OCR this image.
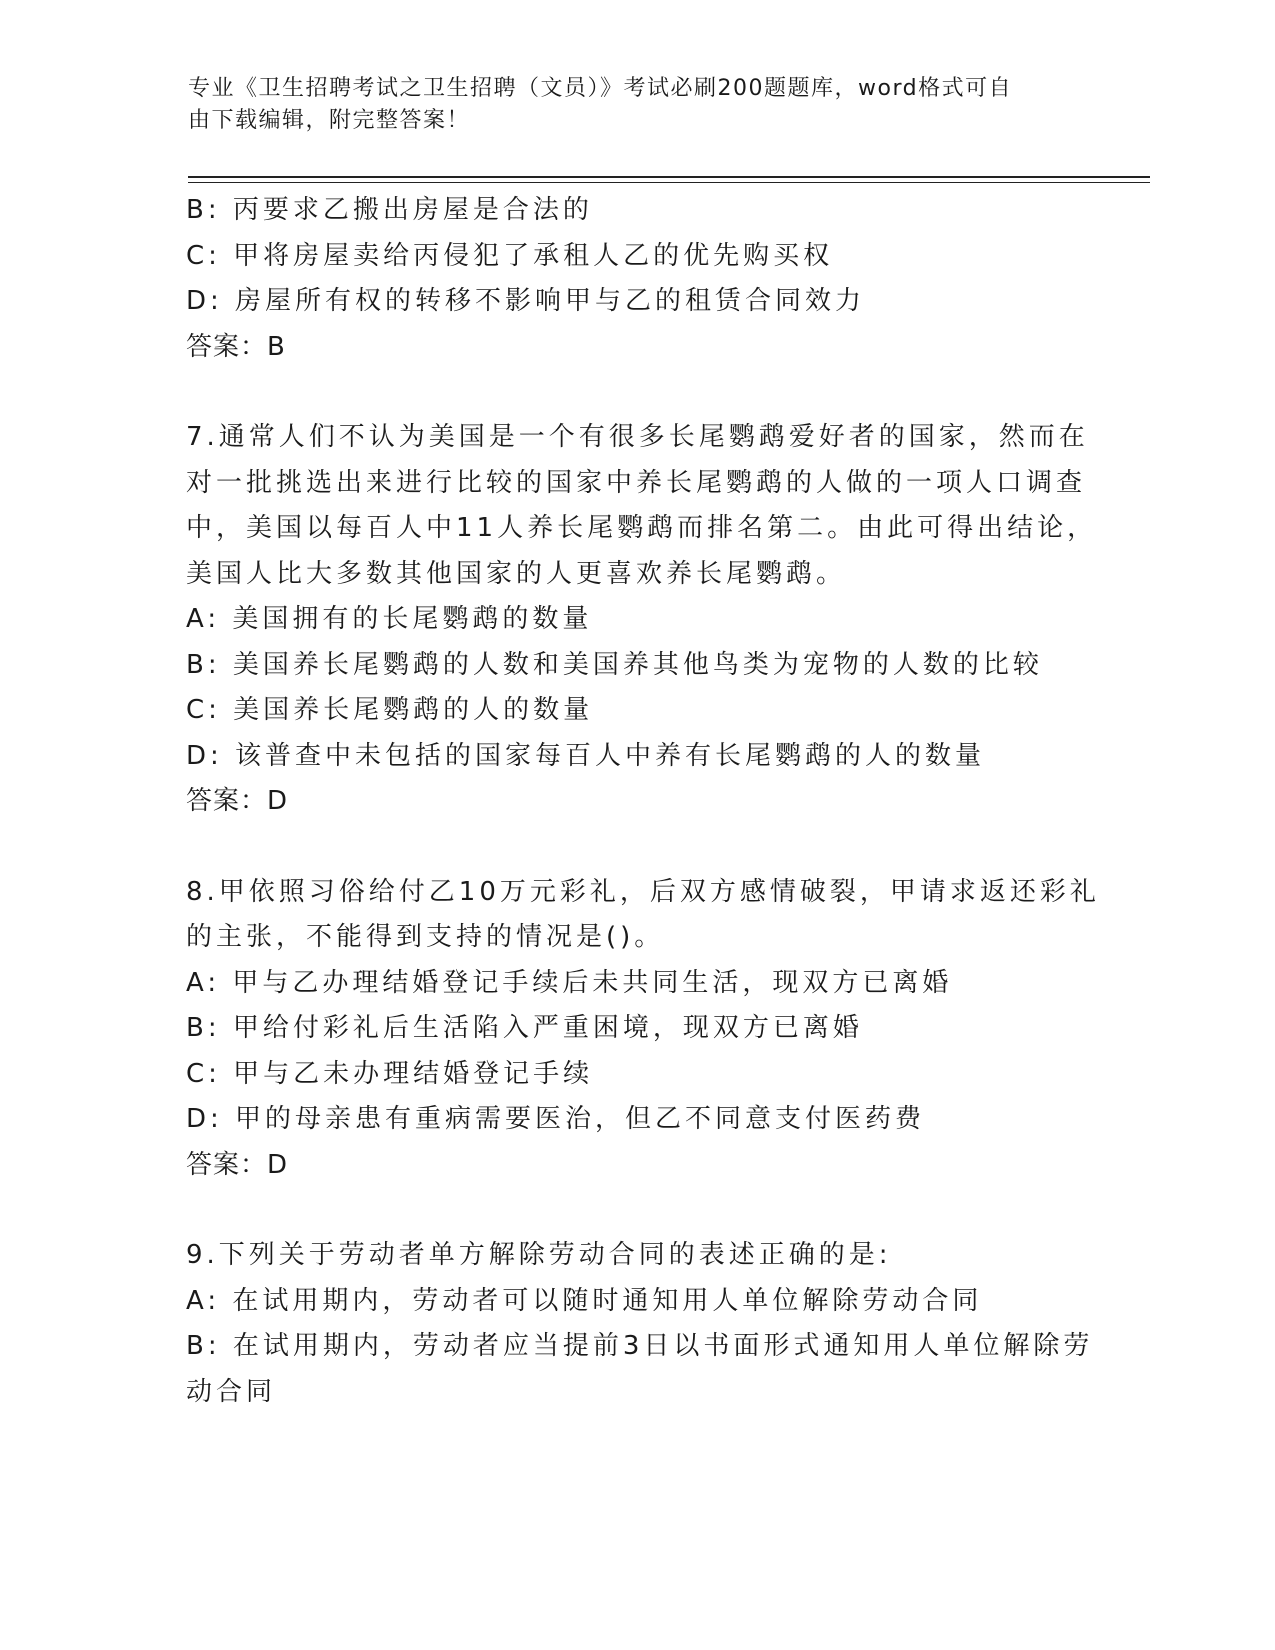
专业《卫生招聘考试之卫生招聘（文员）》考试必刷200题题库，word格式可自
由下载编辑，附完整答案！
B: 丙要求乙搬出房屋是合法的
C: 甲将房屋卖给丙侵犯了承租人乙的优先购买权
D: 房屋所有权的转移不影响甲与乙的租赁合同效力
答案：B
7.通常人们不认为美国是一个有很多长尾鹦鹉爱好者的国家，然而在
对一批挑选出来进行比较的国家中养长尾鹦鹉的人做的一项人口调查
中，美国以每百人中11人养长尾鹦鹉而排名第二。由此可得出结论，
美国人比大多数其他国家的人更喜欢养长尾鹦鹉。
A: 美国拥有的长尾鹦鹉的数量
B: 美国养长尾鹦鹉的人数和美国养其他鸟类为宠物的人数的比较
C: 美国养长尾鹦鹉的人的数量
D: 该普查中未包括的国家每百人中养有长尾鹦鹉的人的数量
答案：D
8.甲依照习俗给付乙10万元彩礼，后双方感情破裂，甲请求返还彩礼
的主张，不能得到支持的情况是()。
A: 甲与乙办理结婚登记手续后未共同生活，现双方已离婚
B: 甲给付彩礼后生活陷入严重困境，现双方已离婚
C: 甲与乙未办理结婚登记手续
D: 甲的母亲患有重病需要医治，但乙不同意支付医药费
答案：D
9.下列关于劳动者单方解除劳动合同的表述正确的是:
A: 在试用期内，劳动者可以随时通知用人单位解除劳动合同
B: 在试用期内，劳动者应当提前3日以书面形式通知用人单位解除劳
动合同
